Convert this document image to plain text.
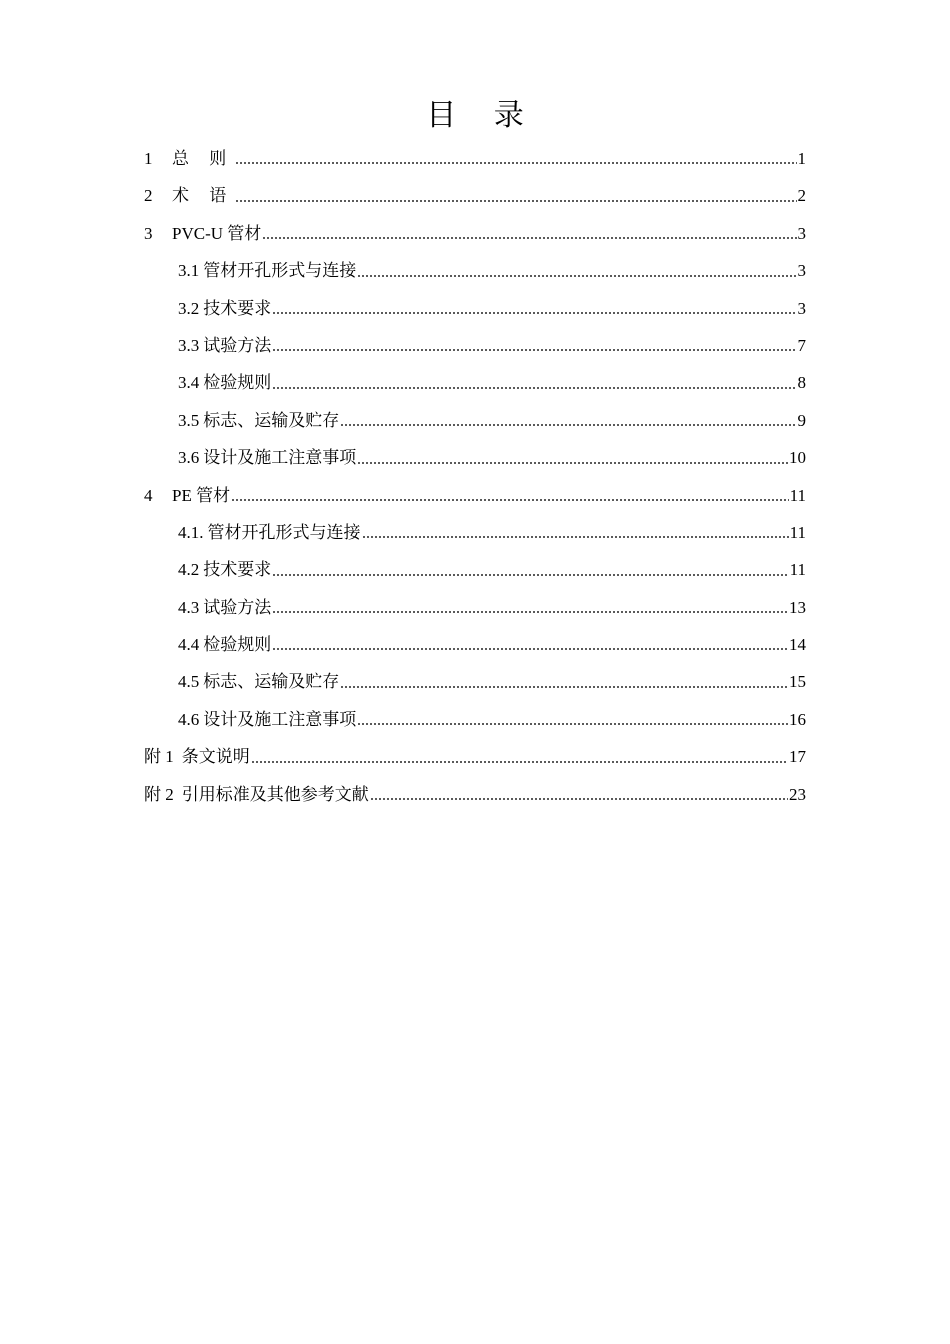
目 录
1	总 则	1
2	术 语	2
3	PVC-U 管材	3
3.1 管材开孔形式与连接	3
3.2 技术要求	3
3.3 试验方法	7
3.4 检验规则	8
3.5 标志、运输及贮存	9
3.6 设计及施工注意事项	10
4	PE 管材	11
4.1. 管材开孔形式与连接	11
4.2 技术要求	11
4.3 试验方法	13
4.4 检验规则	14
4.5 标志、运输及贮存	15
4.6 设计及施工注意事项	16
附 1 条文说明	17
附 2 引用标准及其他参考文献	23
